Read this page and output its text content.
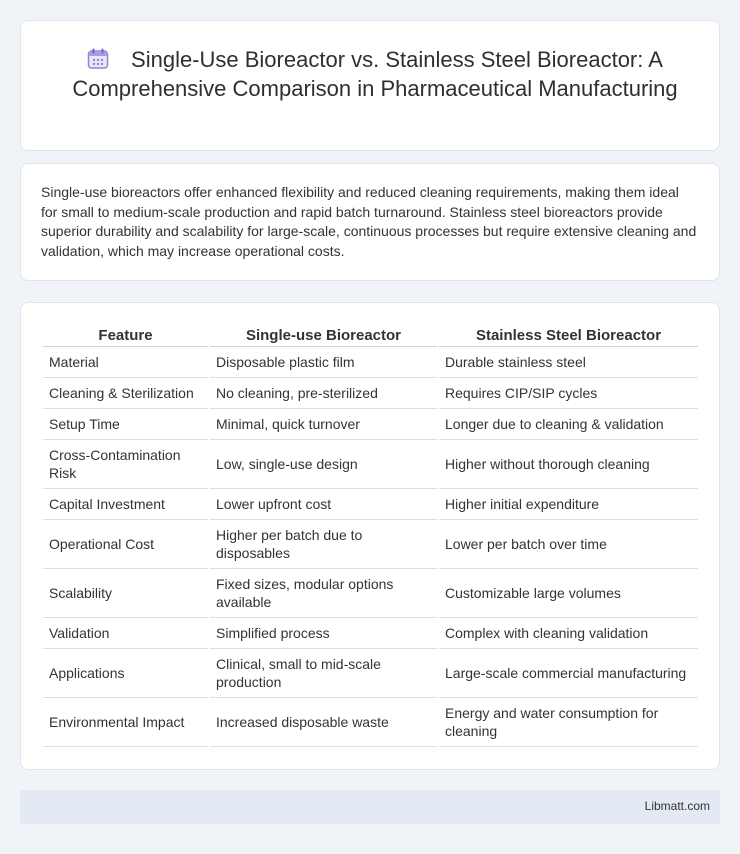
Single-Use Bioreactor vs. Stainless Steel Bioreactor: A Comprehensive Comparison in Pharmaceutical Manufacturing

Single-use bioreactors offer enhanced flexibility and reduced cleaning requirements, making them ideal for small to medium-scale production and rapid batch turnaround. Stainless steel bioreactors provide superior durability and scalability for large-scale, continuous processes but require extensive cleaning and validation, which may increase operational costs.

Feature	Single-use Bioreactor	Stainless Steel Bioreactor
Material	Disposable plastic film	Durable stainless steel
Cleaning & Sterilization	No cleaning, pre-sterilized	Requires CIP/SIP cycles
Setup Time	Minimal, quick turnover	Longer due to cleaning & validation
Cross-Contamination Risk	Low, single-use design	Higher without thorough cleaning
Capital Investment	Lower upfront cost	Higher initial expenditure
Operational Cost	Higher per batch due to disposables	Lower per batch over time
Scalability	Fixed sizes, modular options available	Customizable large volumes
Validation	Simplified process	Complex with cleaning validation
Applications	Clinical, small to mid-scale production	Large-scale commercial manufacturing
Environmental Impact	Increased disposable waste	Energy and water consumption for cleaning
Libmatt.com
